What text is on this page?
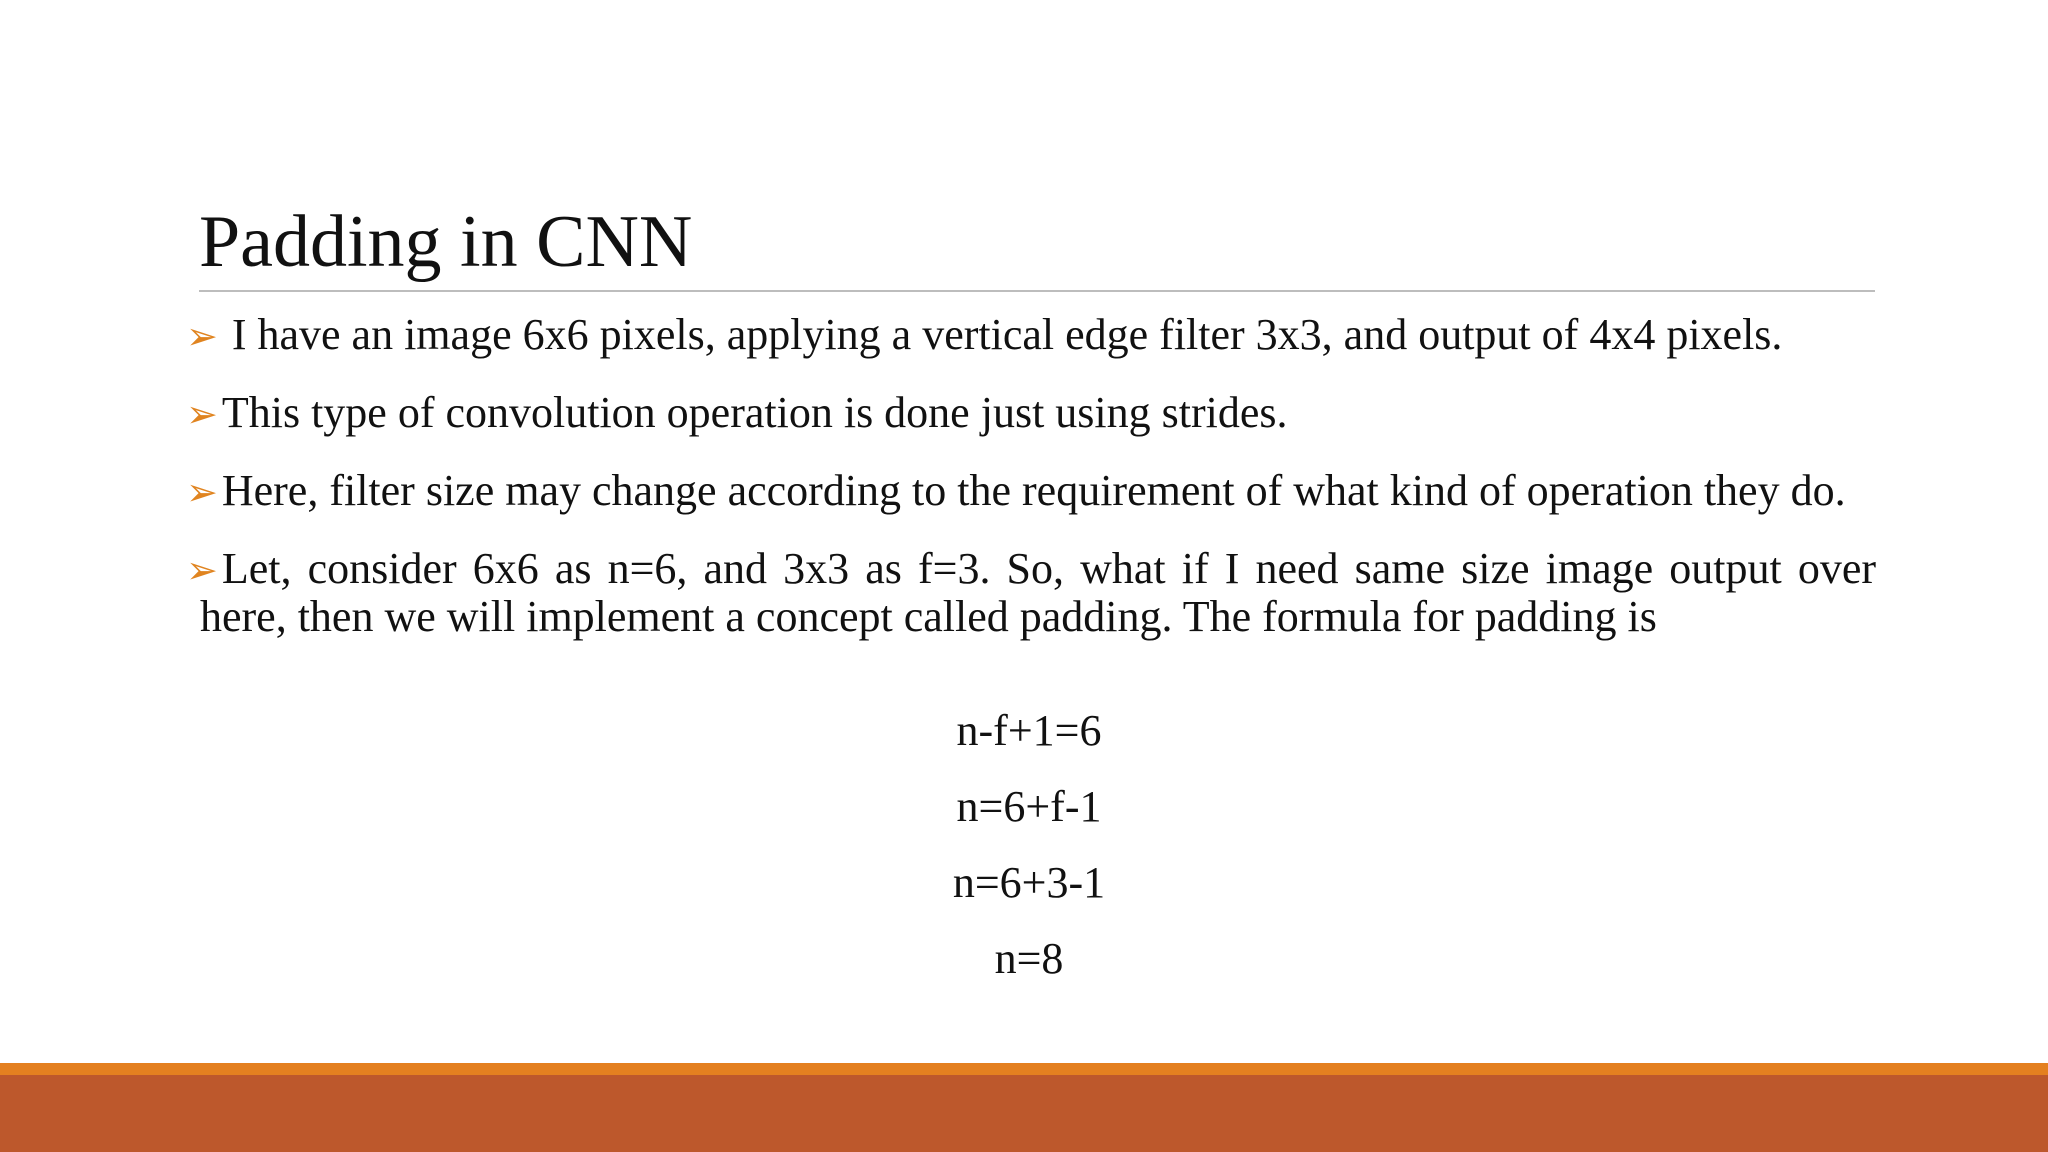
Padding in CNN
➢ I have an image 6x6 pixels, applying a vertical edge filter 3x3, and output of 4x4 pixels.
➢This type of convolution operation is done just using strides.
➢Here, filter size may change according to the requirement of what kind of operation they do.
➢Let, consider 6x6 as n=6, and 3x3 as f=3. So, what if I need same size image output over here, then we will implement a concept called padding. The formula for padding is
n-f+1=6
n=6+f-1
n=6+3-1
n=8
